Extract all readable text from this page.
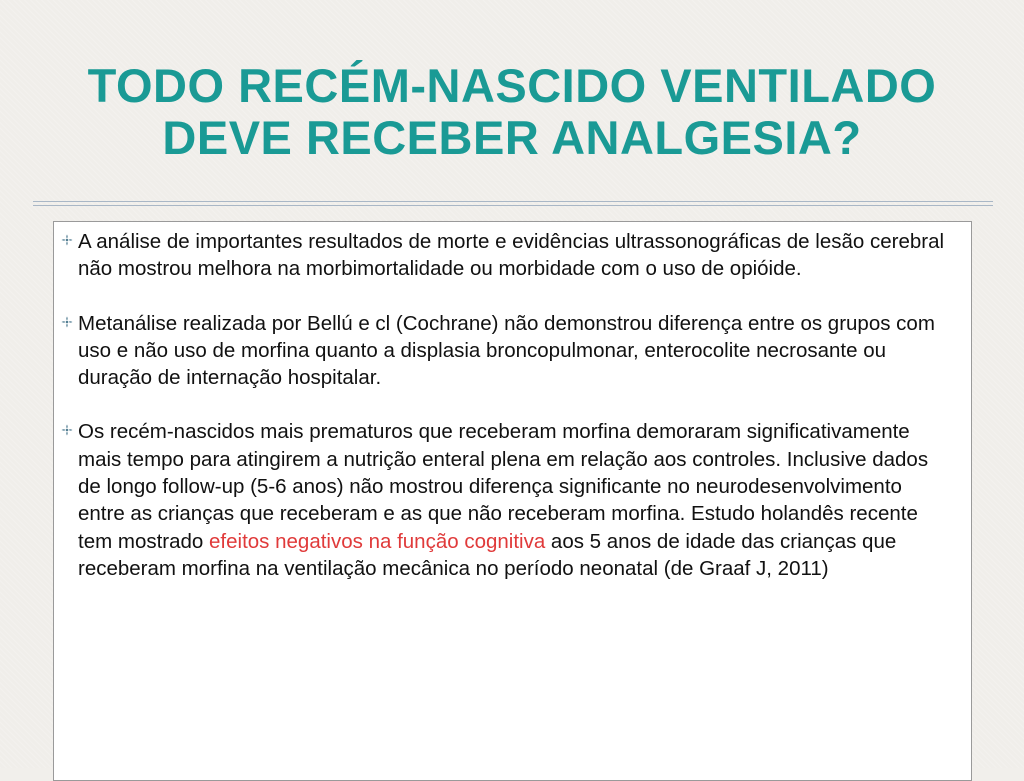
TODO RECÉM-NASCIDO VENTILADO
DEVE RECEBER ANALGESIA?
A análise de importantes resultados de morte e evidências ultrassonográficas de lesão cerebral não mostrou melhora na morbimortalidade ou morbidade com o uso de opióide.
Metanálise realizada por Bellú e cl (Cochrane) não demonstrou diferença entre os grupos com uso e não uso de morfina quanto a displasia broncopulmonar, enterocolite necrosante ou duração de internação hospitalar.
Os recém-nascidos mais prematuros que receberam morfina demoraram significativamente mais tempo para atingirem a nutrição enteral plena em relação aos controles. Inclusive dados de longo follow-up (5-6 anos) não mostrou diferença significante no neurodesenvolvimento entre as crianças que receberam e as que não receberam morfina. Estudo holandês recente tem mostrado efeitos negativos na função cognitiva aos 5 anos de idade das crianças que receberam morfina na ventilação mecânica no período neonatal (de Graaf J, 2011)
